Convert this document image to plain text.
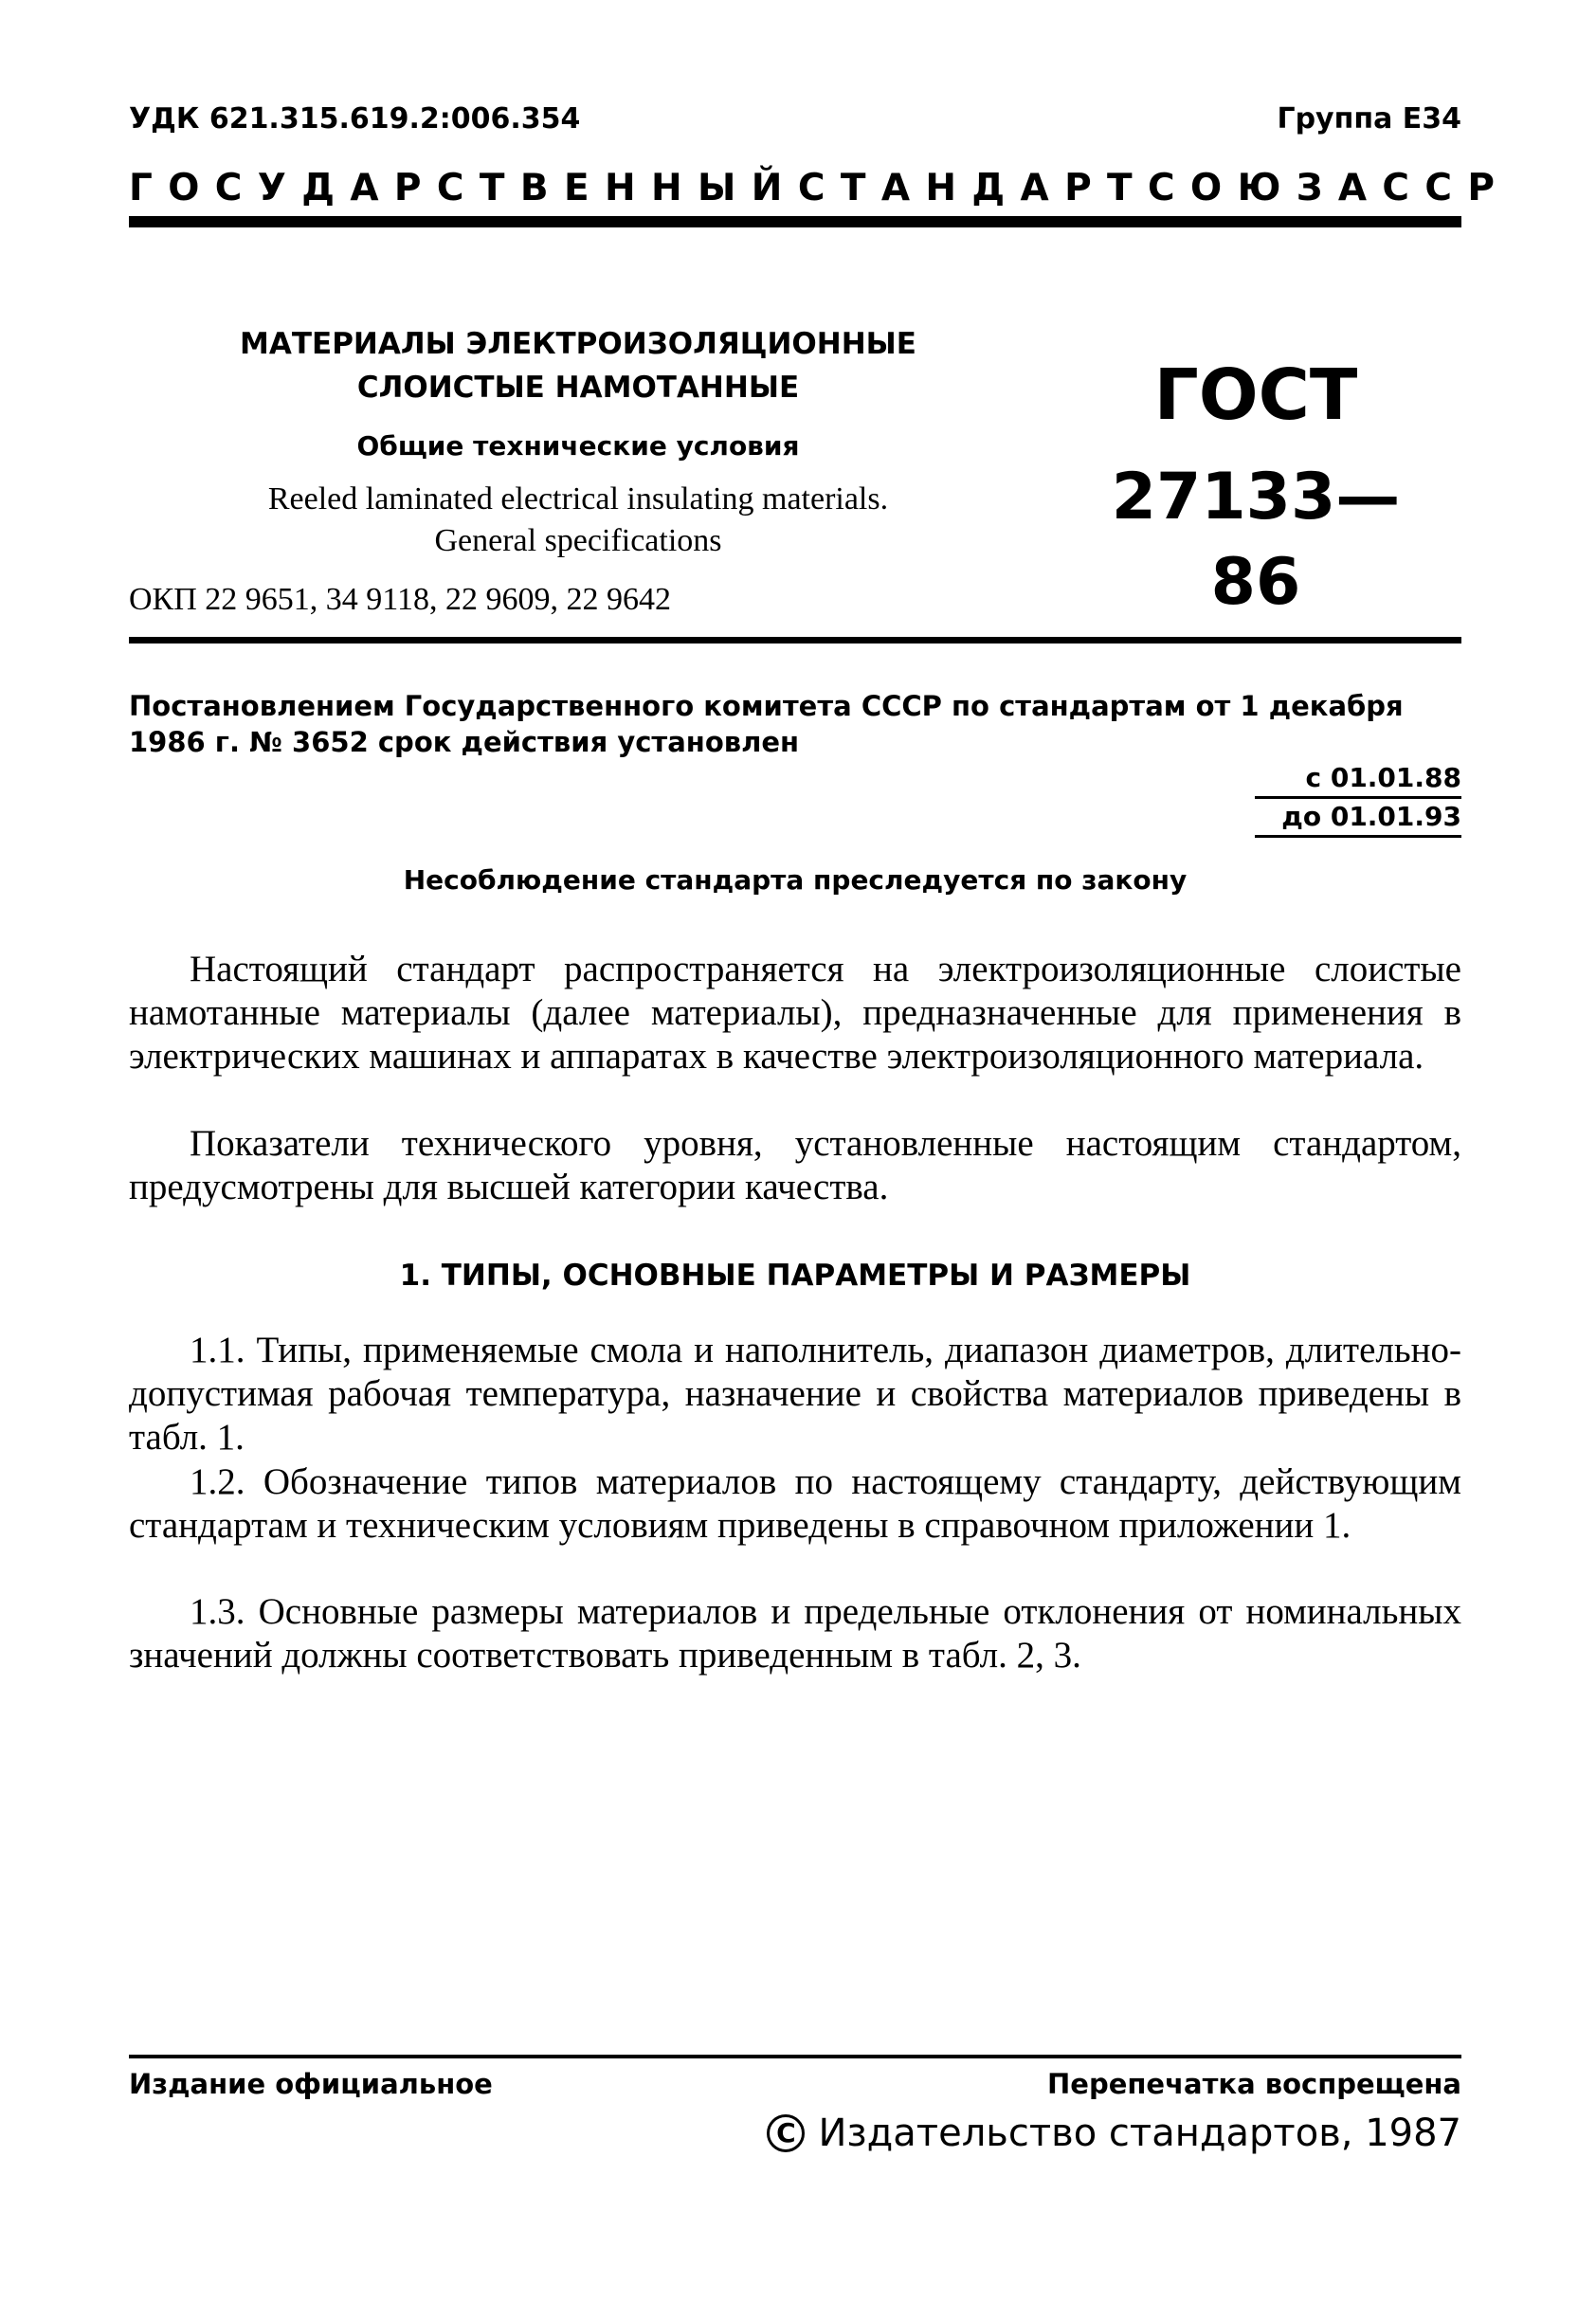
УДК 621.315.619.2:006.354	Группа Е34
ГОСУДАРСТВЕННЫЙ СТАНДАРТ СОЮЗА ССР
МАТЕРИАЛЫ ЭЛЕКТРОИЗОЛЯЦИОННЫЕ
СЛОИСТЫЕ НАМОТАННЫЕ
Общие технические условия
Reeled laminated electrical insulating materials.
General specifications
ГОСТ
27133—86
ОКП 22 9651, 34 9118, 22 9609, 22 9642
Постановлением Государственного комитета СССР по стандартам от 1 декабря 1986 г. № 3652 срок действия установлен
с 01.01.88
до 01.01.93
Несоблюдение стандарта преследуется по закону
Настоящий стандарт распространяется на электроизоляционные слоистые намотанные материалы (далее материалы), предназначенные для применения в электрических машинах и аппаратах в качестве электроизоляционного материала.
Показатели технического уровня, установленные настоящим стандартом, предусмотрены для высшей категории качества.
1. ТИПЫ, ОСНОВНЫЕ ПАРАМЕТРЫ И РАЗМЕРЫ
1.1. Типы, применяемые смола и наполнитель, диапазон диаметров, длительно-допустимая рабочая температура, назначение и свойства материалов приведены в табл. 1.
1.2. Обозначение типов материалов по настоящему стандарту, действующим стандартам и техническим условиям приведены в справочном приложении 1.
1.3. Основные размеры материалов и предельные отклонения от номинальных значений должны соответствовать приведенным в табл. 2, 3.
Издание официальное	Перепечатка воспрещена
C Издательство стандартов, 1987
